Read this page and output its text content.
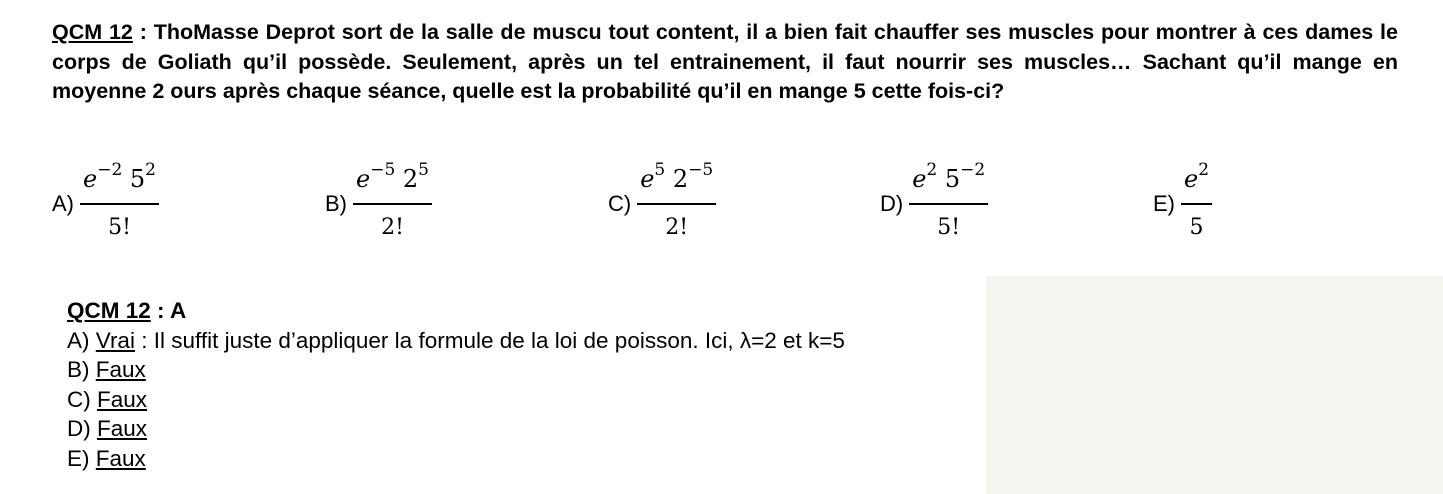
QCM 12 : ThoMasse Deprot sort de la salle de muscu tout content, il a bien fait chauffer ses muscles pour montrer à ces dames le corps de Goliath qu’il possède. Seulement, après un tel entrainement, il faut nourrir ses muscles… Sachant qu’il mange en moyenne 2 ours après chaque séance, quelle est la probabilité qu’il en mange 5 cette fois-ci?
$A) \frac{e^{-2} 5^2}{5!}$	$B) \frac{e^{-5} 2^5}{2!}$	$C) \frac{e^5 2^{-5}}{2!}$	$D) \frac{e^2 5^{-2}}{5!}$	$E) \frac{e^2}{5}$
QCM 12 : A
A) Vrai : Il suffit juste d’appliquer la formule de la loi de poisson. Ici, λ=2 et k=5
B) Faux
C) Faux
D) Faux
E) Faux
